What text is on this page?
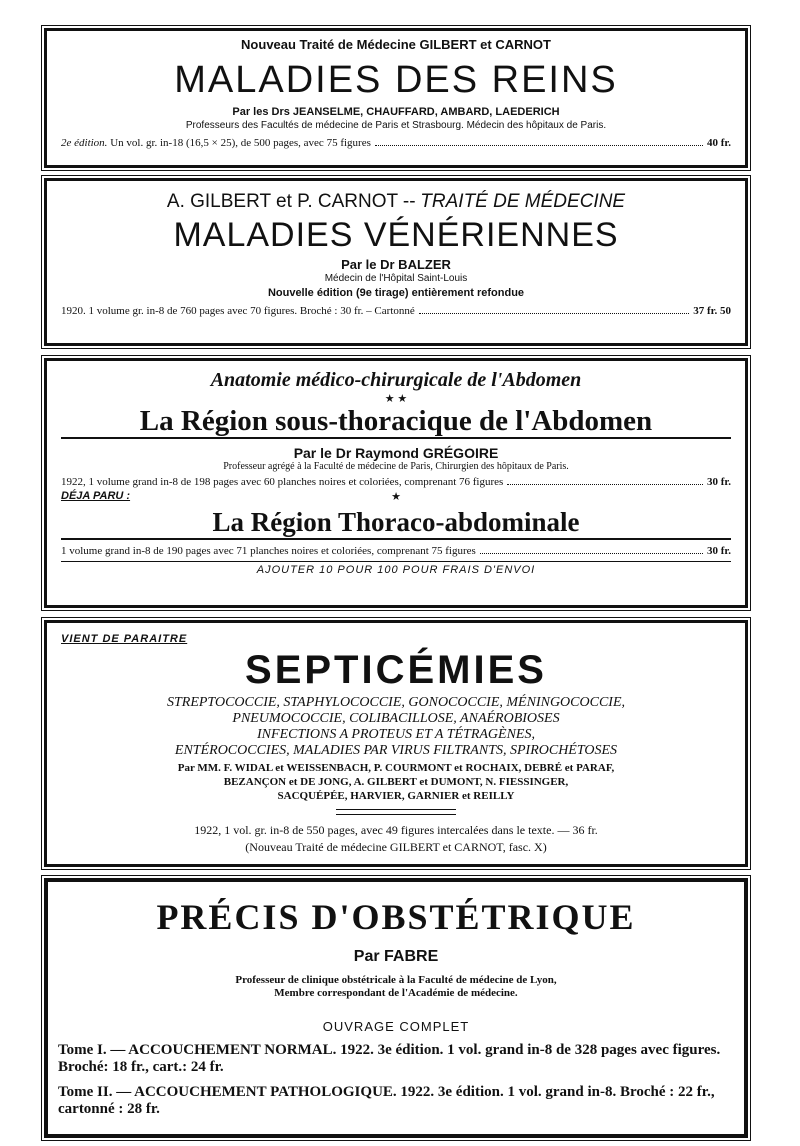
Nouveau Traité de Médecine GILBERT et CARNOT

MALADIES DES REINS

Par les Drs JEANSELME, CHAUFFARD, AMBARD, LAEDERICH

Professeurs des Facultés de médecine de Paris et Strasbourg. Médecin des hôpitaux de Paris.

2e édition.
Un vol. gr. in-18 (16,5 × 25), de 500 pages, avec 75 figures	40 fr.

A. GILBERT et P. CARNOT -- TRAITÉ DE MÉDECINE

MALADIES VÉNÉRIENNES

Par le Dr BALZER

Médecin de l'Hôpital Saint-Louis

Nouvelle édition (9e tirage) entièrement refondue

1920. 1 volume gr. in-8 de 760 pages avec 70 figures. Broché : 30 fr. – Cartonné	37 fr. 50

Anatomie médico-chirurgicale de l'Abdomen

★ ★

La Région sous-thoracique de l'Abdomen

Par le Dr Raymond GRÉGOIRE

Professeur agrégé à la Faculté de médecine de Paris, Chirurgien des hôpitaux de Paris.

1922, 1 volume grand in-8 de 198 pages avec 60 planches noires et coloriées, comprenant 76 figures	30 fr.
DÉJA PARU :	★

La Région Thoraco-abdominale

1 volume grand in-8 de 190 pages avec 71 planches noires et coloriées, comprenant 75 figures	30 fr.

AJOUTER 10 POUR 100 POUR FRAIS D'ENVOI

VIENT DE PARAITRE

SEPTICÉMIES

STREPTOCOCCIE, STAPHYLOCOCCIE, GONOCOCCIE, MÉNINGOCOCCIE,

PNEUMOCOCCIE, COLIBACILLOSE, ANAÉROBIOSES

INFECTIONS A PROTEUS ET A TÉTRAGÈNES,

ENTÉROCOCCIES, MALADIES PAR VIRUS FILTRANTS, SPIROCHÉTOSES

Par MM. F. WIDAL et WEISSENBACH, P. COURMONT et ROCHAIX, DEBRÉ et PARAF,

BEZANÇON et DE JONG, A. GILBERT et DUMONT, N. FIESSINGER,

SACQUÉPÉE, HARVIER, GARNIER et REILLY

1922, 1 vol. gr. in-8 de 550 pages, avec 49 figures intercalées dans le texte. — 36 fr.

(Nouveau Traité de médecine GILBERT et CARNOT, fasc. X)

PRÉCIS D'OBSTÉTRIQUE

Par FABRE

Professeur de clinique obstétricale à la Faculté de médecine de Lyon,

Membre correspondant de l'Académie de médecine.

OUVRAGE COMPLET

Tome I. — ACCOUCHEMENT NORMAL. 1922. 3e édition. 1 vol. grand in-8 de 328 pages avec figures. Broché: 18 fr., cart.: 24 fr.

Tome II. — ACCOUCHEMENT PATHOLOGIQUE. 1922. 3e édition. 1 vol. grand in-8. Broché : 22 fr., cartonné : 28 fr.
